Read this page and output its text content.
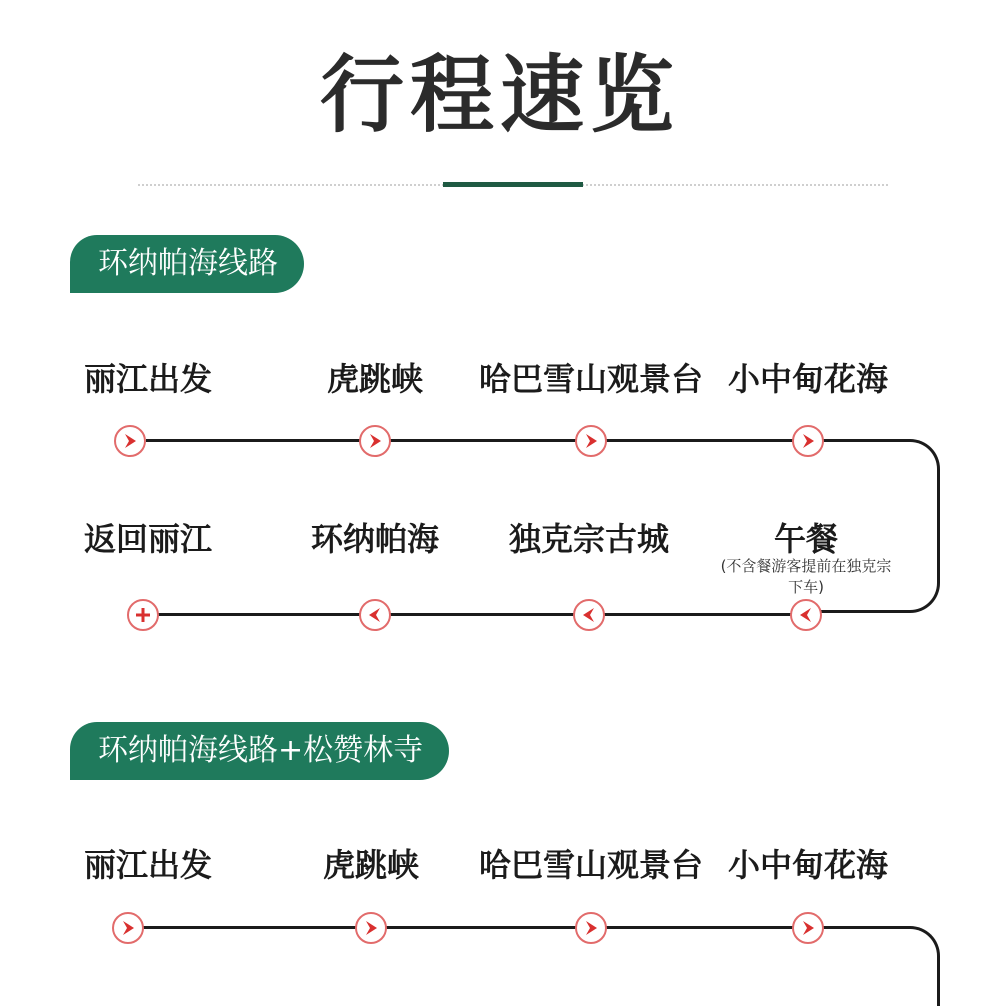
行程速览
环纳帕海线路
丽江出发	虎跳峡 哈巴雪山观景台 小中甸花海
返回丽江	环纳帕海 独克宗古城	午餐
(不含餐游客提前在独克宗下车)
环纳帕海线路+松赞林寺
丽江出发	虎跳峡 哈巴雪山观景台 小中甸花海
